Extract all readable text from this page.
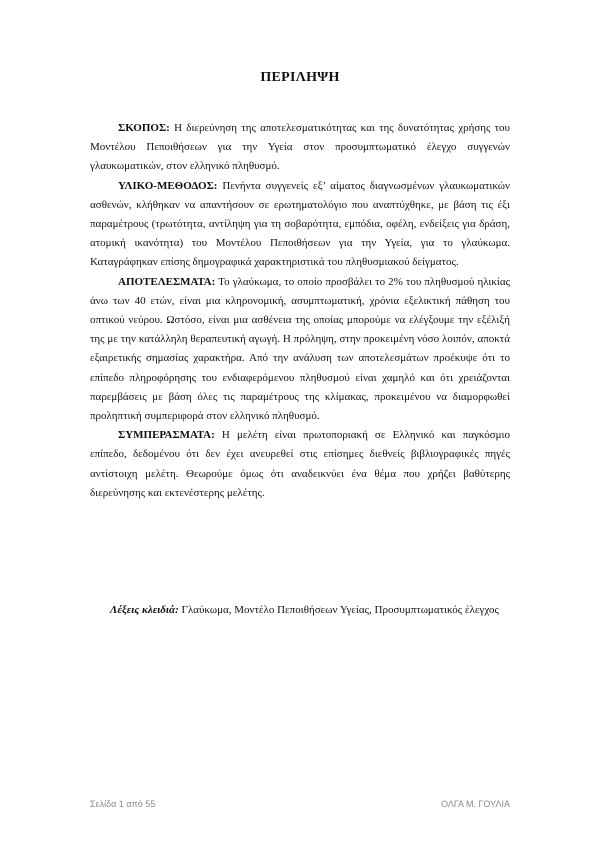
ΠΕΡΙΛΗΨΗ

ΣΚΟΠΟΣ: Η διερεύνηση της αποτελεσματικότητας και της δυνατότητας χρήσης του Μοντέλου Πεποιθήσεων για την Υγεία στον προσυμπτωματικό έλεγχο συγγενών γλαυκωματικών, στον ελληνικό πληθυσμό.

ΥΛΙΚΟ-ΜΕΘΟΔΟΣ: Πενήντα συγγενείς εξ’ αίματος διαγνωσμένων γλαυκωματικών ασθενών, κλήθηκαν να απαντήσουν σε ερωτηματολόγιο που αναπτύχθηκε, με βάση τις έξι παραμέτρους (τρωτότητα, αντίληψη για τη σοβαρότητα, εμπόδια, οφέλη, ενδείξεις για δράση, ατομική ικανότητα) του Μοντέλου Πεποιθήσεων για την Υγεία, για το γλαύκωμα. Καταγράφηκαν επίσης δημογραφικά χαρακτηριστικά του πληθυσμιακού δείγματος.

ΑΠΟΤΕΛΕΣΜΑΤΑ: Το γλαύκωμα, το οποίο προσβάλει το 2% του πληθυσμού ηλικίας άνω των 40 ετών, είναι μια κληρονομική, ασυμπτωματική, χρόνια εξελικτική πάθηση του οπτικού νεύρου. Ωστόσο, είναι μια ασθένεια της οποίας μπορούμε να ελέγξουμε την εξέλιξή της με την κατάλληλη θεραπευτική αγωγή. Η πρόληψη, στην προκειμένη νόσο λοιπόν, αποκτά εξαιρετικής σημασίας χαρακτήρα. Από την ανάλυση των αποτελεσμάτων προέκυψε ότι το επίπεδο πληροφόρησης του ενδιαφερόμενου πληθυσμού είναι χαμηλό και ότι χρειάζονται παρεμβάσεις με βάση όλες τις παραμέτρους της κλίμακας, προκειμένου να διαμορφωθεί προληπτική συμπεριφορά στον ελληνικό πληθυσμό.

ΣΥΜΠΕΡΑΣΜΑΤΑ: Η μελέτη είναι πρωτοποριακή σε Ελληνικό και παγκόσμιο επίπεδο, δεδομένου ότι δεν έχει ανευρεθεί στις επίσημες διεθνείς βιβλιογραφικές πηγές αντίστοιχη μελέτη. Θεωρούμε όμως ότι αναδεικνύει ένα θέμα που χρήζει βαθύτερης διερεύνησης και εκτενέστερης μελέτης.

Λέξεις κλειδιά: Γλαύκωμα, Μοντέλο Πεποιθήσεων Υγείας, Προσυμπτωματικός έλεγχος
Σελίδα 1 από 55	ΟΛΓΑ Μ. ΓΟΥΛΙΑ
